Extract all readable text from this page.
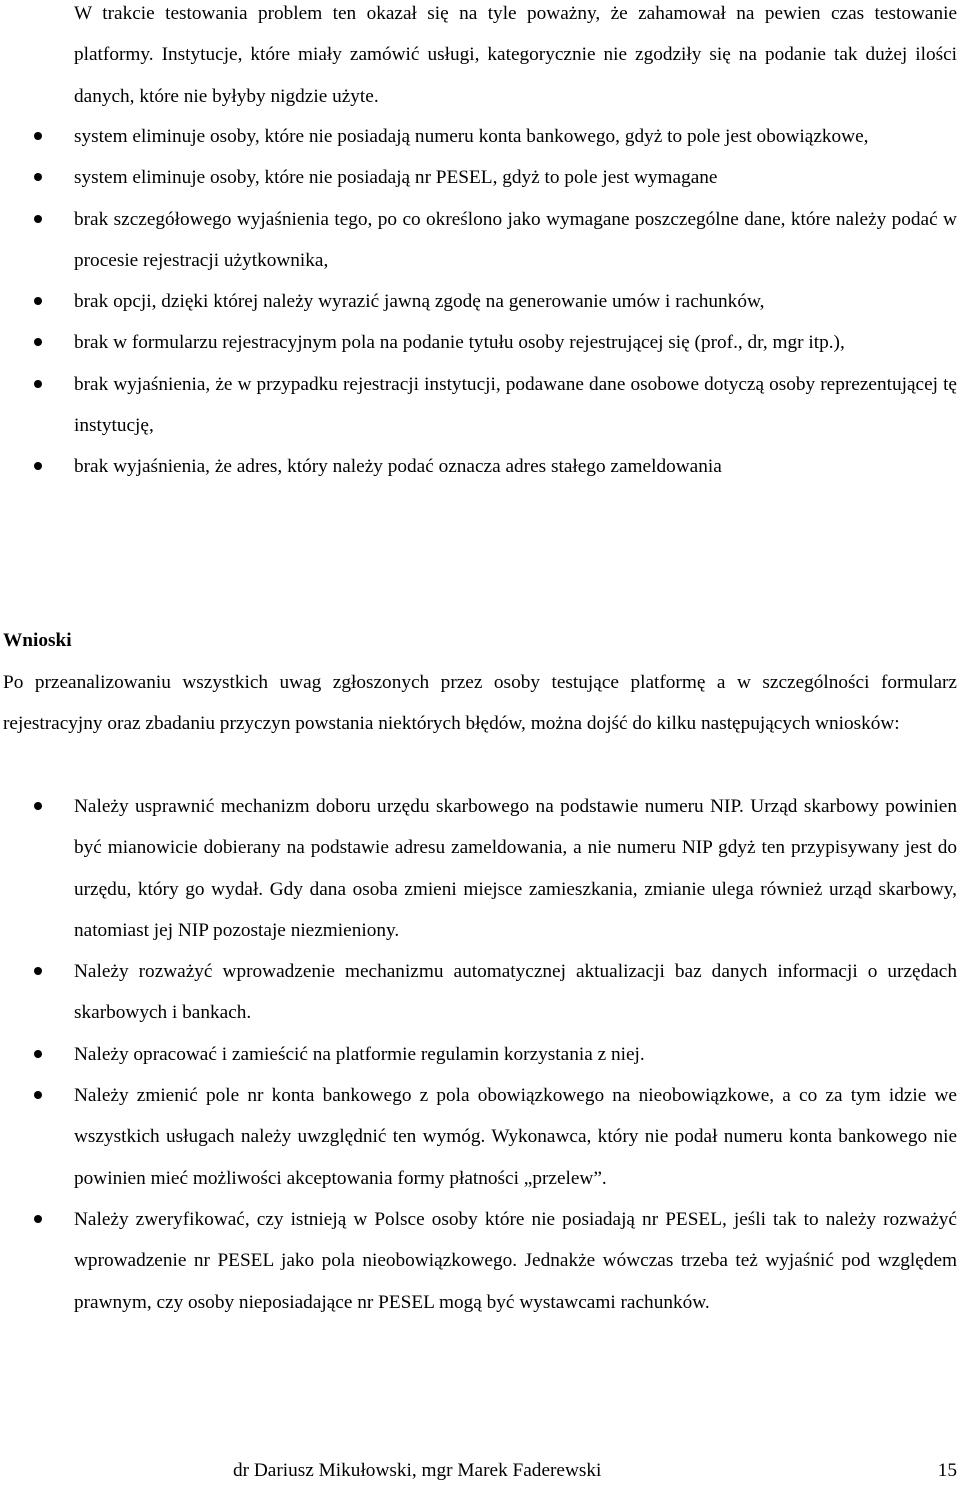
W trakcie testowania problem ten okazał się na tyle poważny, że zahamował na pewien czas testowanie platformy. Instytucje, które miały zamówić usługi, kategorycznie nie zgodziły się na podanie tak dużej ilości danych, które nie byłyby nigdzie użyte.

system eliminuje osoby, które nie posiadają numeru konta bankowego, gdyż to pole jest obowiązkowe,
system eliminuje osoby, które nie posiadają nr PESEL, gdyż to pole jest wymagane
brak szczegółowego wyjaśnienia tego, po co określono jako wymagane poszczególne dane, które należy podać w procesie rejestracji użytkownika,
brak opcji, dzięki której należy wyrazić jawną zgodę na generowanie umów i rachunków,
brak w formularzu rejestracyjnym pola na podanie tytułu osoby rejestrującej się (prof., dr, mgr itp.),
brak wyjaśnienia, że w przypadku rejestracji instytucji, podawane dane osobowe dotyczą osoby reprezentującej tę instytucję,
brak wyjaśnienia, że adres, który należy podać oznacza adres stałego zameldowania
Wnioski

Po przeanalizowaniu wszystkich uwag zgłoszonych przez osoby testujące platformę a w szczególności formularz rejestracyjny oraz zbadaniu przyczyn powstania niektórych błędów, można dojść do kilku następujących wniosków:

Należy usprawnić mechanizm doboru urzędu skarbowego na podstawie numeru NIP. Urząd skarbowy powinien być mianowicie dobierany na podstawie adresu zameldowania, a nie numeru NIP gdyż ten przypisywany jest do urzędu, który go wydał. Gdy dana osoba zmieni miejsce zamieszkania, zmianie ulega również urząd skarbowy, natomiast jej NIP pozostaje niezmieniony.
Należy rozważyć wprowadzenie mechanizmu automatycznej aktualizacji baz danych informacji o urzędach skarbowych i bankach.
Należy opracować i zamieścić na platformie regulamin korzystania z niej.
Należy zmienić pole nr konta bankowego z pola obowiązkowego na nieobowiązkowe, a co za tym idzie we wszystkich usługach należy uwzględnić ten wymóg. Wykonawca, który nie podał numeru konta bankowego nie powinien mieć możliwości akceptowania formy płatności „przelew”.
Należy zweryfikować, czy istnieją w Polsce osoby które nie posiadają nr PESEL, jeśli tak to należy rozważyć wprowadzenie nr PESEL jako pola nieobowiązkowego. Jednakże wówczas trzeba też wyjaśnić pod względem prawnym, czy osoby nieposiadające nr PESEL mogą być wystawcami rachunków.
dr Dariusz Mikułowski, mgr Marek Faderewski	15
